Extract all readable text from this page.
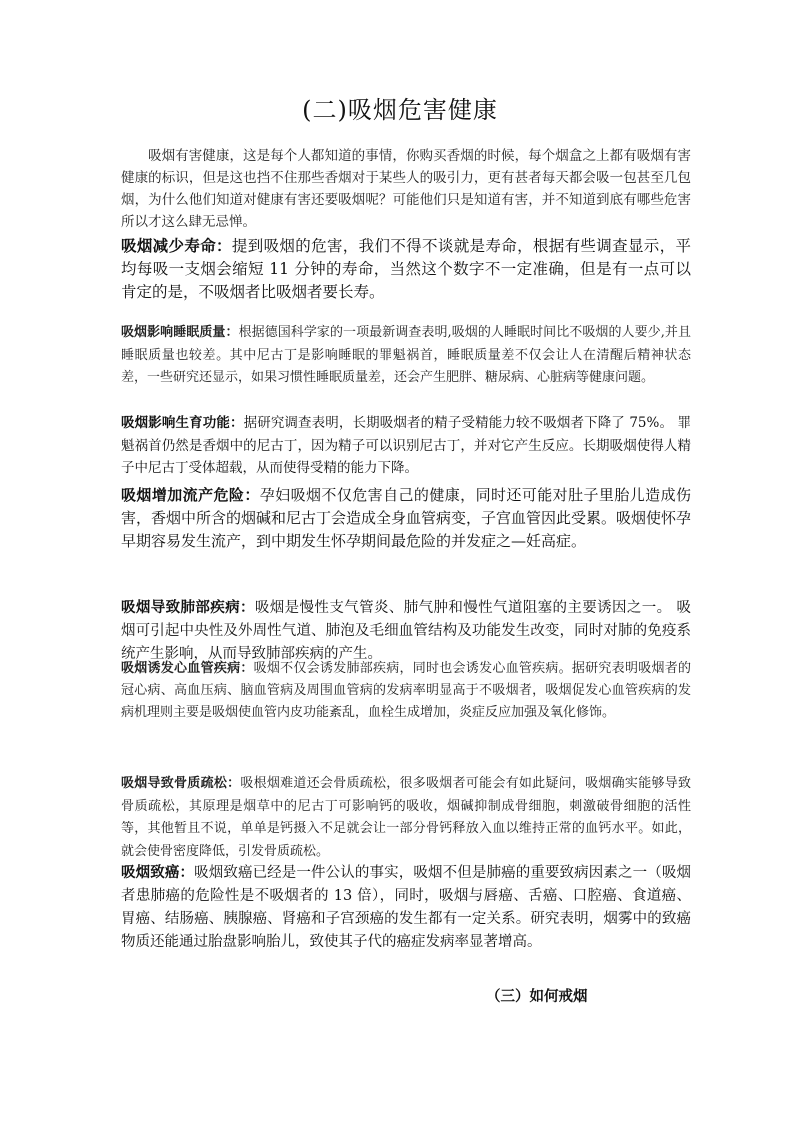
(二)吸烟危害健康

吸烟有害健康，这是每个人都知道的事情，你购买香烟的时候，每个烟盒之上都有吸烟有害健康的标识，但是这也挡不住那些香烟对于某些人的吸引力，更有甚者每天都会吸一包甚至几包烟，为什么他们知道对健康有害还要吸烟呢？可能他们只是知道有害，并不知道到底有哪些危害所以才这么肆无忌惮。

吸烟减少寿命：提到吸烟的危害，我们不得不谈就是寿命，根据有些调查显示，平均每吸一支烟会缩短 11 分钟的寿命，当然这个数字不一定准确，但是有一点可以肯定的是，不吸烟者比吸烟者要长寿。

吸烟影响睡眠质量：根据德国科学家的一项最新调查表明,吸烟的人睡眠时间比不吸烟的人要少,并且睡眠质量也较差。其中尼古丁是影响睡眠的罪魁祸首，睡眠质量差不仅会让人在清醒后精神状态差，一些研究还显示，如果习惯性睡眠质量差，还会产生肥胖、糖尿病、心脏病等健康问题。

吸烟影响生育功能：据研究调查表明，长期吸烟者的精子受精能力较不吸烟者下降了 75%。 罪魁祸首仍然是香烟中的尼古丁，因为精子可以识别尼古丁，并对它产生反应。长期吸烟使得人精子中尼古丁受体超载，从而使得受精的能力下降。

吸烟增加流产危险：孕妇吸烟不仅危害自己的健康，同时还可能对肚子里胎儿造成伤害，香烟中所含的烟碱和尼古丁会造成全身血管病变，子宫血管因此受累。吸烟使怀孕早期容易发生流产，到中期发生怀孕期间最危险的并发症之—妊高症。

吸烟导致肺部疾病：吸烟是慢性支气管炎、肺气肿和慢性气道阻塞的主要诱因之一。 吸烟可引起中央性及外周性气道、肺泡及毛细血管结构及功能发生改变，同时对肺的免疫系统产生影响，从而导致肺部疾病的产生。

吸烟诱发心血管疾病：吸烟不仅会诱发肺部疾病，同时也会诱发心血管疾病。据研究表明吸烟者的冠心病、高血压病、脑血管病及周围血管病的发病率明显高于不吸烟者，吸烟促发心血管疾病的发病机理则主要是吸烟使血管内皮功能紊乱，血栓生成增加，炎症反应加强及氧化修饰。

吸烟导致骨质疏松：吸根烟难道还会骨质疏松，很多吸烟者可能会有如此疑问，吸烟确实能够导致骨质疏松，其原理是烟草中的尼古丁可影响钙的吸收，烟碱抑制成骨细胞，刺激破骨细胞的活性等，其他暂且不说，单单是钙摄入不足就会让一部分骨钙释放入血以维持正常的血钙水平。如此，就会使骨密度降低，引发骨质疏松。

吸烟致癌：吸烟致癌已经是一件公认的事实，吸烟不但是肺癌的重要致病因素之一（吸烟者患肺癌的危险性是不吸烟者的 13 倍），同时，吸烟与唇癌、舌癌、口腔癌、食道癌、胃癌、结肠癌、胰腺癌、肾癌和子宫颈癌的发生都有一定关系。研究表明，烟雾中的致癌物质还能通过胎盘影响胎儿，致使其子代的癌症发病率显著增高。

（三）如何戒烟
